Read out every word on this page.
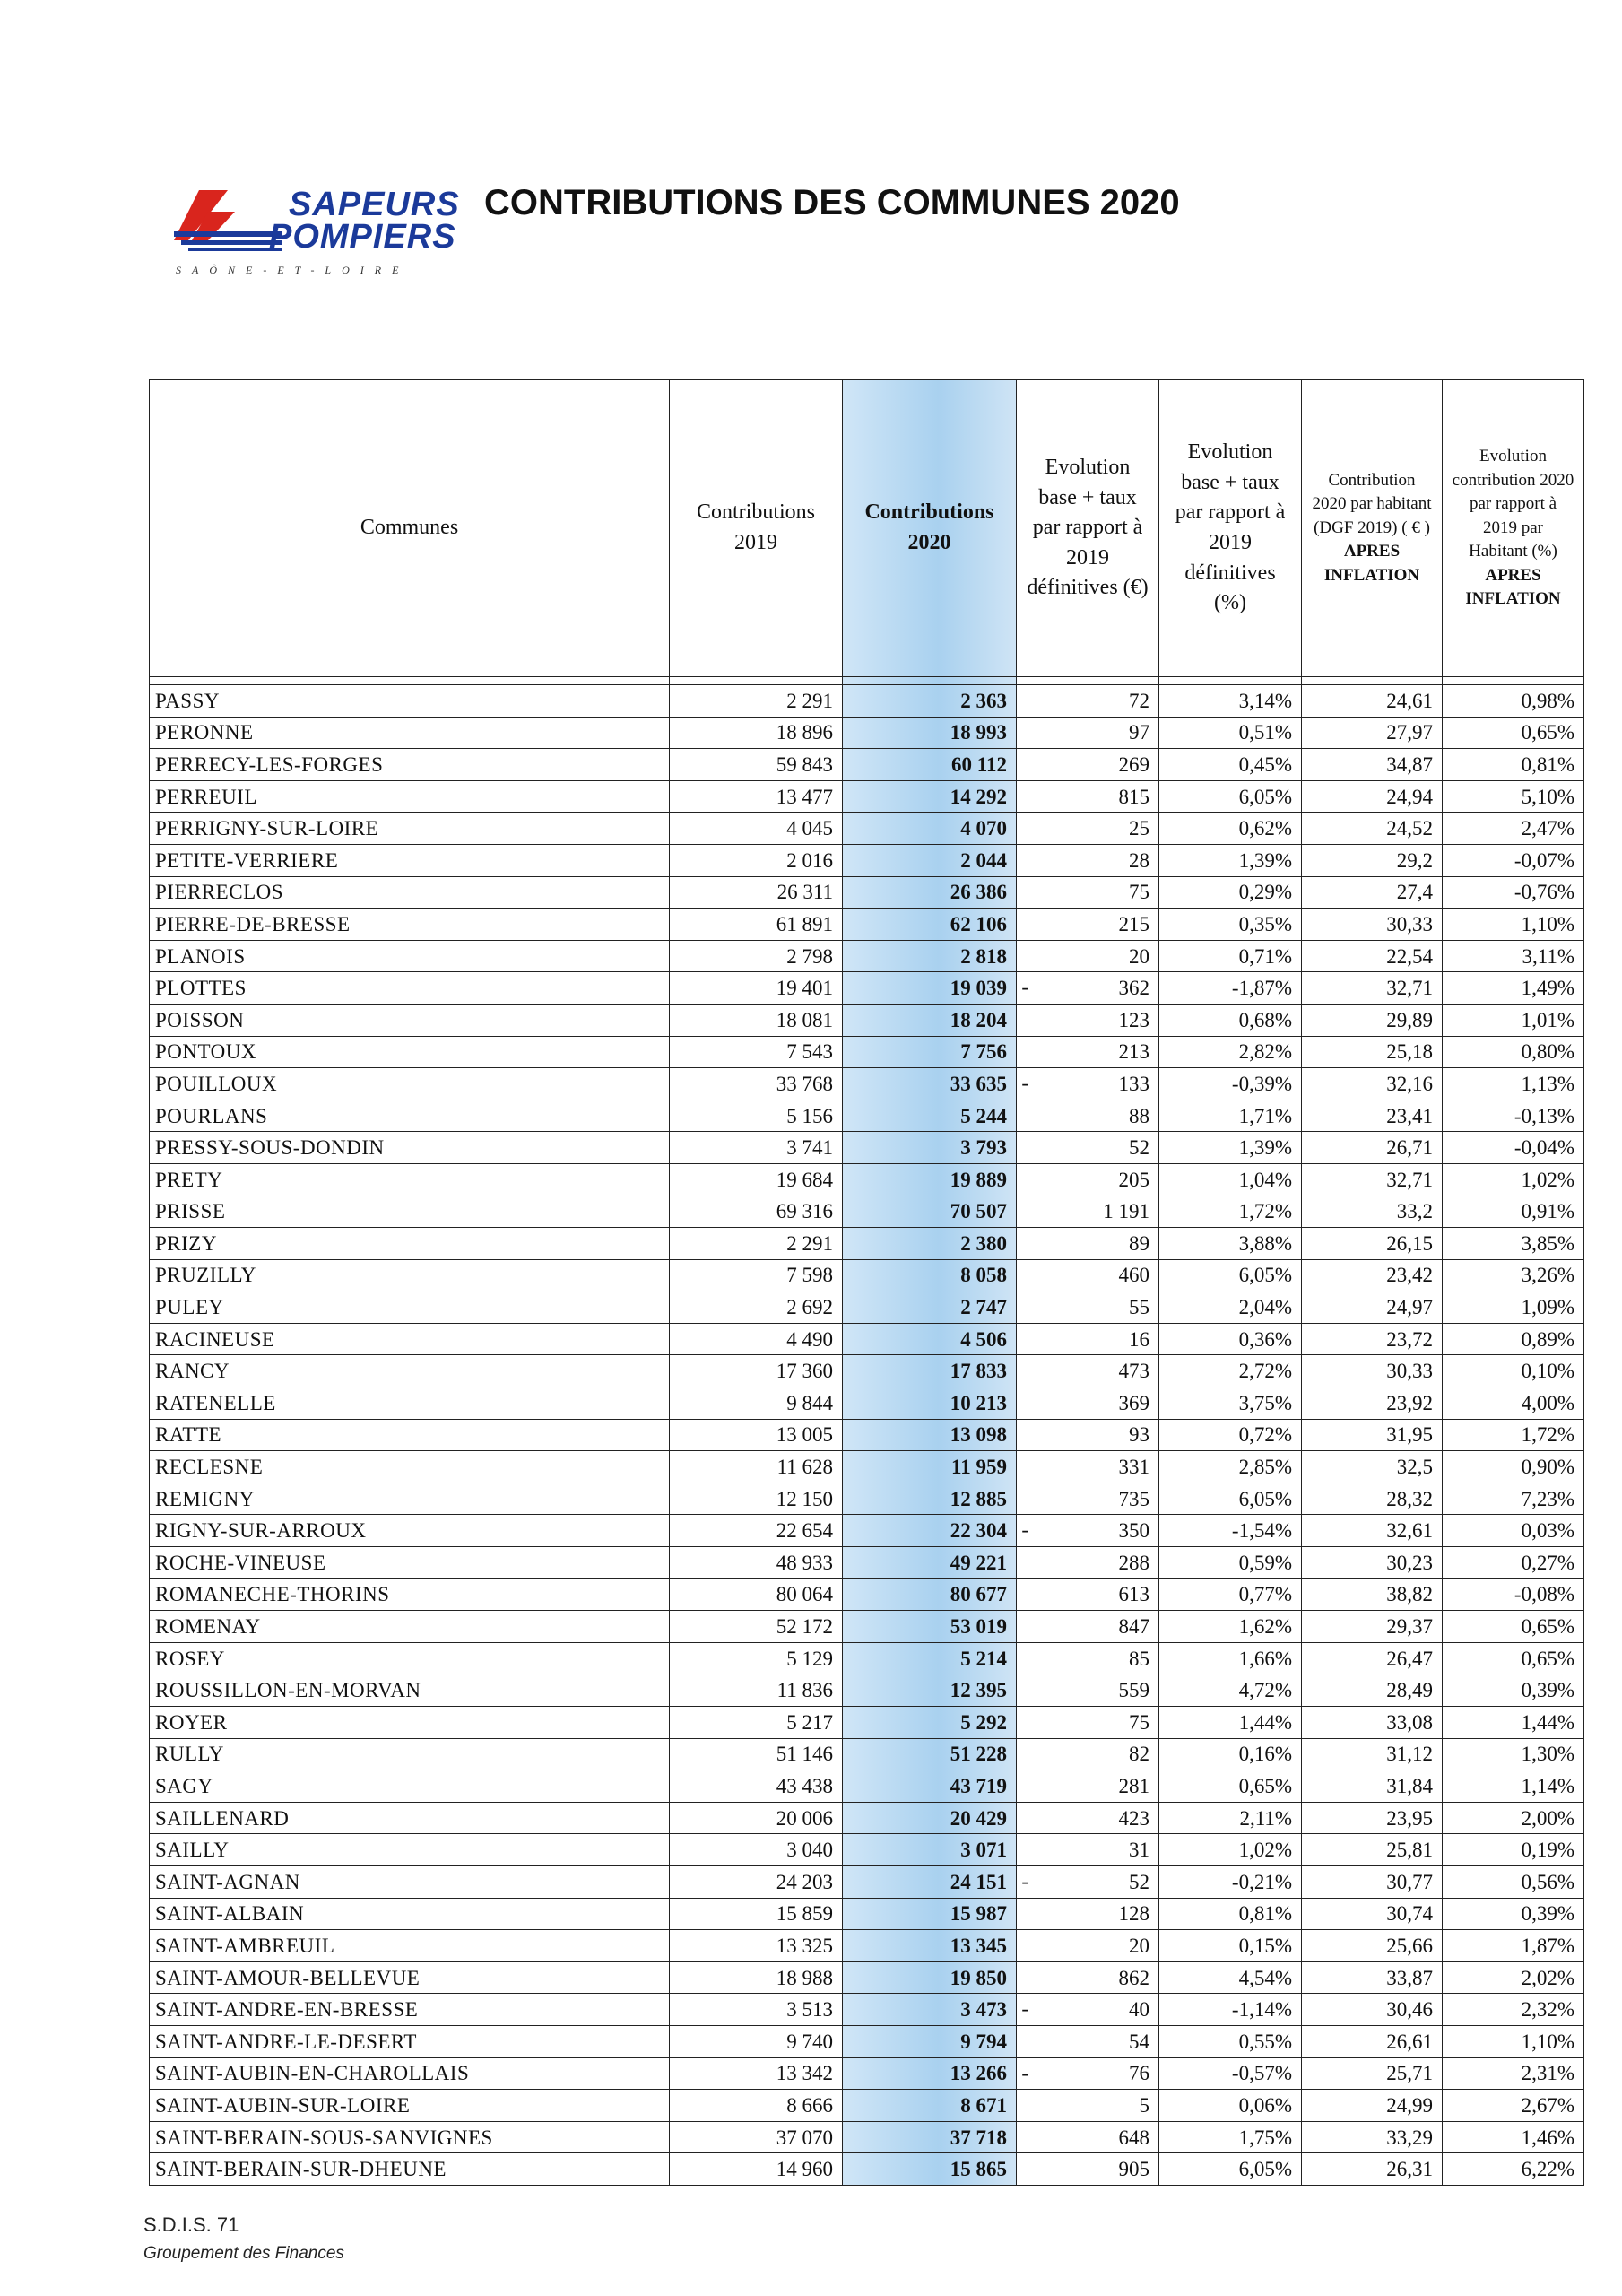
SAPEURS
POMPIERS
SAÔNE-ET-LOIRE
CONTRIBUTIONS DES COMMUNES 2020
Communes	Contributions 2019	Contributions 2020	Evolution base + taux par rapport à 2019 définitives (€)	Evolution base + taux par rapport à 2019 définitives (%)	Contribution 2020 par habitant (DGF 2019) ( € ) APRES INFLATION	Evolution contribution 2020 par rapport à 2019 par Habitant (%) APRES INFLATION

PASSY	2 291	2 363	72	3,14%	24,61	0,98%
PERONNE	18 896	18 993	97	0,51%	27,97	0,65%
PERRECY-LES-FORGES	59 843	60 112	269	0,45%	34,87	0,81%
PERREUIL	13 477	14 292	815	6,05%	24,94	5,10%
PERRIGNY-SUR-LOIRE	4 045	4 070	25	0,62%	24,52	2,47%
PETITE-VERRIERE	2 016	2 044	28	1,39%	29,2	-0,07%
PIERRECLOS	26 311	26 386	75	0,29%	27,4	-0,76%
PIERRE-DE-BRESSE	61 891	62 106	215	0,35%	30,33	1,10%
PLANOIS	2 798	2 818	20	0,71%	22,54	3,11%
PLOTTES	19 401	19 039 -	362	-1,87%	32,71	1,49%
POISSON	18 081	18 204	123	0,68%	29,89	1,01%
PONTOUX	7 543	7 756	213	2,82%	25,18	0,80%
POUILLOUX	33 768	33 635 -	133	-0,39%	32,16	1,13%
POURLANS	5 156	5 244	88	1,71%	23,41	-0,13%
PRESSY-SOUS-DONDIN	3 741	3 793	52	1,39%	26,71	-0,04%
PRETY	19 684	19 889	205	1,04%	32,71	1,02%
PRISSE	69 316	70 507	1 191	1,72%	33,2	0,91%
PRIZY	2 291	2 380	89	3,88%	26,15	3,85%
PRUZILLY	7 598	8 058	460	6,05%	23,42	3,26%
PULEY	2 692	2 747	55	2,04%	24,97	1,09%
RACINEUSE	4 490	4 506	16	0,36%	23,72	0,89%
RANCY	17 360	17 833	473	2,72%	30,33	0,10%
RATENELLE	9 844	10 213	369	3,75%	23,92	4,00%
RATTE	13 005	13 098	93	0,72%	31,95	1,72%
RECLESNE	11 628	11 959	331	2,85%	32,5	0,90%
REMIGNY	12 150	12 885	735	6,05%	28,32	7,23%
RIGNY-SUR-ARROUX	22 654	22 304 -	350	-1,54%	32,61	0,03%
ROCHE-VINEUSE	48 933	49 221	288	0,59%	30,23	0,27%
ROMANECHE-THORINS	80 064	80 677	613	0,77%	38,82	-0,08%
ROMENAY	52 172	53 019	847	1,62%	29,37	0,65%
ROSEY	5 129	5 214	85	1,66%	26,47	0,65%
ROUSSILLON-EN-MORVAN	11 836	12 395	559	4,72%	28,49	0,39%
ROYER	5 217	5 292	75	1,44%	33,08	1,44%
RULLY	51 146	51 228	82	0,16%	31,12	1,30%
SAGY	43 438	43 719	281	0,65%	31,84	1,14%
SAILLENARD	20 006	20 429	423	2,11%	23,95	2,00%
SAILLY	3 040	3 071	31	1,02%	25,81	0,19%
SAINT-AGNAN	24 203	24 151 -	52	-0,21%	30,77	0,56%
SAINT-ALBAIN	15 859	15 987	128	0,81%	30,74	0,39%
SAINT-AMBREUIL	13 325	13 345	20	0,15%	25,66	1,87%
SAINT-AMOUR-BELLEVUE	18 988	19 850	862	4,54%	33,87	2,02%
SAINT-ANDRE-EN-BRESSE	3 513	3 473 -	40	-1,14%	30,46	2,32%
SAINT-ANDRE-LE-DESERT	9 740	9 794	54	0,55%	26,61	1,10%
SAINT-AUBIN-EN-CHAROLLAIS	13 342	13 266 -	76	-0,57%	25,71	2,31%
SAINT-AUBIN-SUR-LOIRE	8 666	8 671	5	0,06%	24,99	2,67%
SAINT-BERAIN-SOUS-SANVIGNES	37 070	37 718	648	1,75%	33,29	1,46%
SAINT-BERAIN-SUR-DHEUNE	14 960	15 865	905	6,05%	26,31	6,22%
S.D.I.S. 71
Groupement des Finances
